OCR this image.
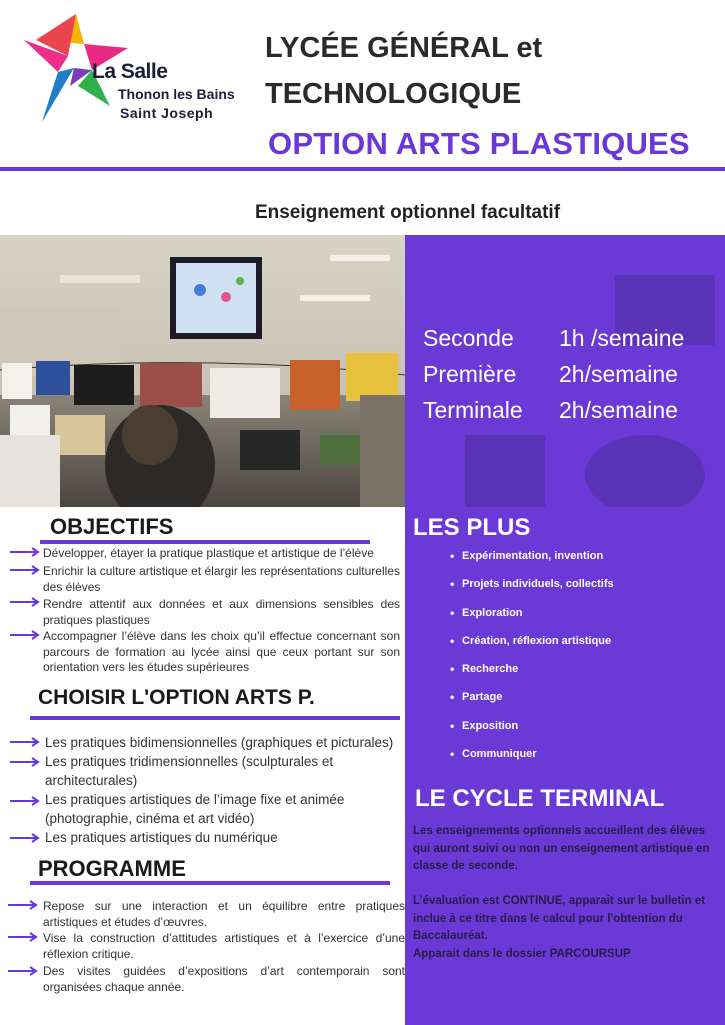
La Salle
Thonon les Bains
Saint Joseph
LYCÉE GÉNÉRAL et
TECHNOLOGIQUE
OPTION ARTS PLASTIQUES
Enseignement optionnel facultatif
Seconde	1h /semaine
Première	2h/semaine
Terminale	2h/semaine
OBJECTIFS
Développer, étayer la pratique plastique et artistique de l’élève
Enrichir la culture artistique et élargir les représentations culturelles des élèves
Rendre attentif aux données et aux dimensions sensibles des pratiques plastiques
Accompagner l’élève dans les choix qu’il effectue concernant son parcours de formation au lycée ainsi que ceux portant sur son orientation vers les études supérieures
CHOISIR L'OPTION ARTS P.
Les pratiques bidimensionnelles (graphiques et picturales)
Les pratiques tridimensionnelles (sculpturales et architecturales)
Les pratiques artistiques de l’image fixe et animée (photographie, cinéma et art vidéo)
Les pratiques artistiques du numérique
PROGRAMME
Repose sur une interaction et un équilibre entre pratiques artistiques et études d’œuvres.
Vise la construction d’attitudes artistiques et à l’exercice d’une réflexion critique.
Des visites guidées d’expositions d’art contemporain sont organisées chaque année.
LES PLUS
• Expérimentation, invention
• Projets individuels, collectifs
• Exploration
• Création, réflexion artistique
• Recherche
• Partage
• Exposition
• Communiquer
LE CYCLE TERMINAL
Les enseignements optionnels accueillent des élèves qui auront suivi ou non un enseignement artistique en classe de seconde.
L’évaluation est CONTINUE, apparait sur le bulletin et inclue à ce titre dans le calcul pour l'obtention du Baccalauréat.
Apparait dans le dossier PARCOURSUP
